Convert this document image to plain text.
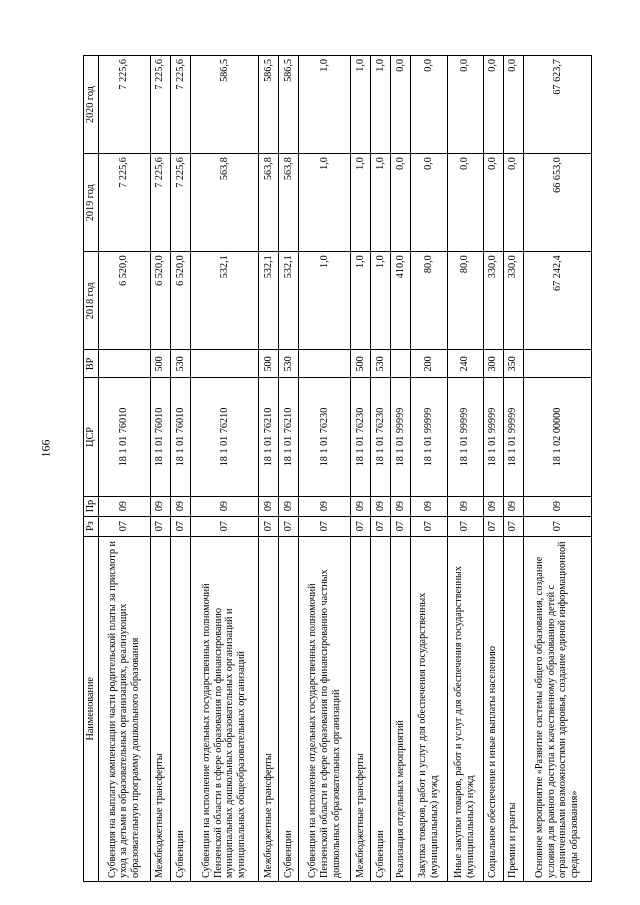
166
Наименование	Рз	Пр	ЦСР	ВР	2018 год	2019 год	2020 год
Субвенция на выплату компенсации части родительской платы за присмотр и уход за детьми в образовательных организациях, реализующих образовательную программу дошкольного образования	07	09	18 1 01 76010		6 520,0	7 225,6	7 225,6
Межбюджетные трансферты	07	09	18 1 01 76010	500	6 520,0	7 225,6	7 225,6
Субвенции	07	09	18 1 01 76010	530	6 520,0	7 225,6	7 225,6
Субвенции на исполнение отдельных государственных полномочий Пензенской области в сфере образования по финансированию муниципальных дошкольных образовательных организаций и муниципальных общеобразовательных организаций	07	09	18 1 01 76210		532,1	563,8	586,5
Межбюджетные трансферты	07	09	18 1 01 76210	500	532,1	563,8	586,5
Субвенции	07	09	18 1 01 76210	530	532,1	563,8	586,5
Субвенции на исполнение отдельных государственных полномочий Пензенской области в сфере образования по финансированию частных дошкольных образовательных организаций	07	09	18 1 01 76230		1,0	1,0	1,0
Межбюджетные трансферты	07	09	18 1 01 76230	500	1,0	1,0	1,0
Субвенции	07	09	18 1 01 76230	530	1,0	1,0	1,0
Реализация отдельных мероприятий	07	09	18 1 01 99999		410,0	0,0	0,0
Закупка товаров, работ и услуг для обеспечения государственных (муниципальных) нужд	07	09	18 1 01 99999	200	80,0	0,0	0,0
Иные закупки товаров, работ и услуг для обеспечения государственных (муниципальных) нужд	07	09	18 1 01 99999	240	80,0	0,0	0,0
Социальное обеспечение и иные выплаты населению	07	09	18 1 01 99999	300	330,0	0,0	0,0
Премии и гранты	07	09	18 1 01 99999	350	330,0	0,0	0,0
Основное мероприятие «Развитие системы общего образования, создание условия для равного доступа к качественному образованию детей с ограниченными возможностями здоровья, создание единой информационной среды образования»	07	09	18 1 02 00000		67 242,4	66 653,0	67 623,7
